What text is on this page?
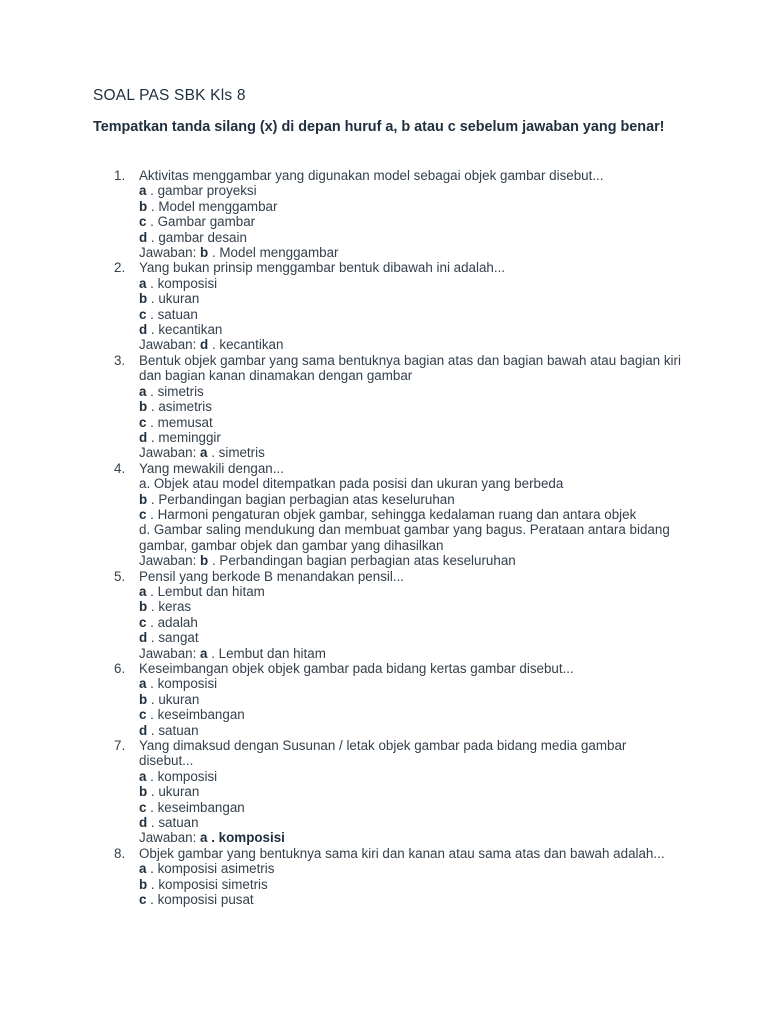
SOAL PAS SBK Kls 8
Tempatkan tanda silang (x) di depan huruf a, b atau c sebelum jawaban yang benar!
1.	Aktivitas menggambar yang digunakan model sebagai objek gambar disebut...
a . gambar proyeksi
b . Model menggambar
c . Gambar gambar
d . gambar desain
Jawaban: b . Model menggambar
2.	Yang bukan prinsip menggambar bentuk dibawah ini adalah...
a . komposisi
b . ukuran
c . satuan
d . kecantikan
Jawaban: d . kecantikan
3.	Bentuk objek gambar yang sama bentuknya bagian atas dan bagian bawah atau bagian kiri dan bagian kanan dinamakan dengan gambar
a . simetris
b . asimetris
c . memusat
d . meminggir
Jawaban: a . simetris
4.	Yang mewakili dengan...
a. Objek atau model ditempatkan pada posisi dan ukuran yang berbeda
b . Perbandingan bagian perbagian atas keseluruhan
c . Harmoni pengaturan objek gambar, sehingga kedalaman ruang dan antara objek
d. Gambar saling mendukung dan membuat gambar yang bagus. Perataan antara bidang gambar, gambar objek dan gambar yang dihasilkan
Jawaban: b . Perbandingan bagian perbagian atas keseluruhan
5.	Pensil yang berkode B menandakan pensil...
a . Lembut dan hitam
b . keras
c . adalah
d . sangat
Jawaban: a . Lembut dan hitam
6.	Keseimbangan objek objek gambar pada bidang kertas gambar disebut...
a . komposisi
b . ukuran
c . keseimbangan
d . satuan
7.	Yang dimaksud dengan Susunan / letak objek gambar pada bidang media gambar disebut...
a . komposisi
b . ukuran
c . keseimbangan
d . satuan
Jawaban: a . komposisi
8.	Objek gambar yang bentuknya sama kiri dan kanan atau sama atas dan bawah adalah...
a . komposisi asimetris
b . komposisi simetris
c . komposisi pusat
